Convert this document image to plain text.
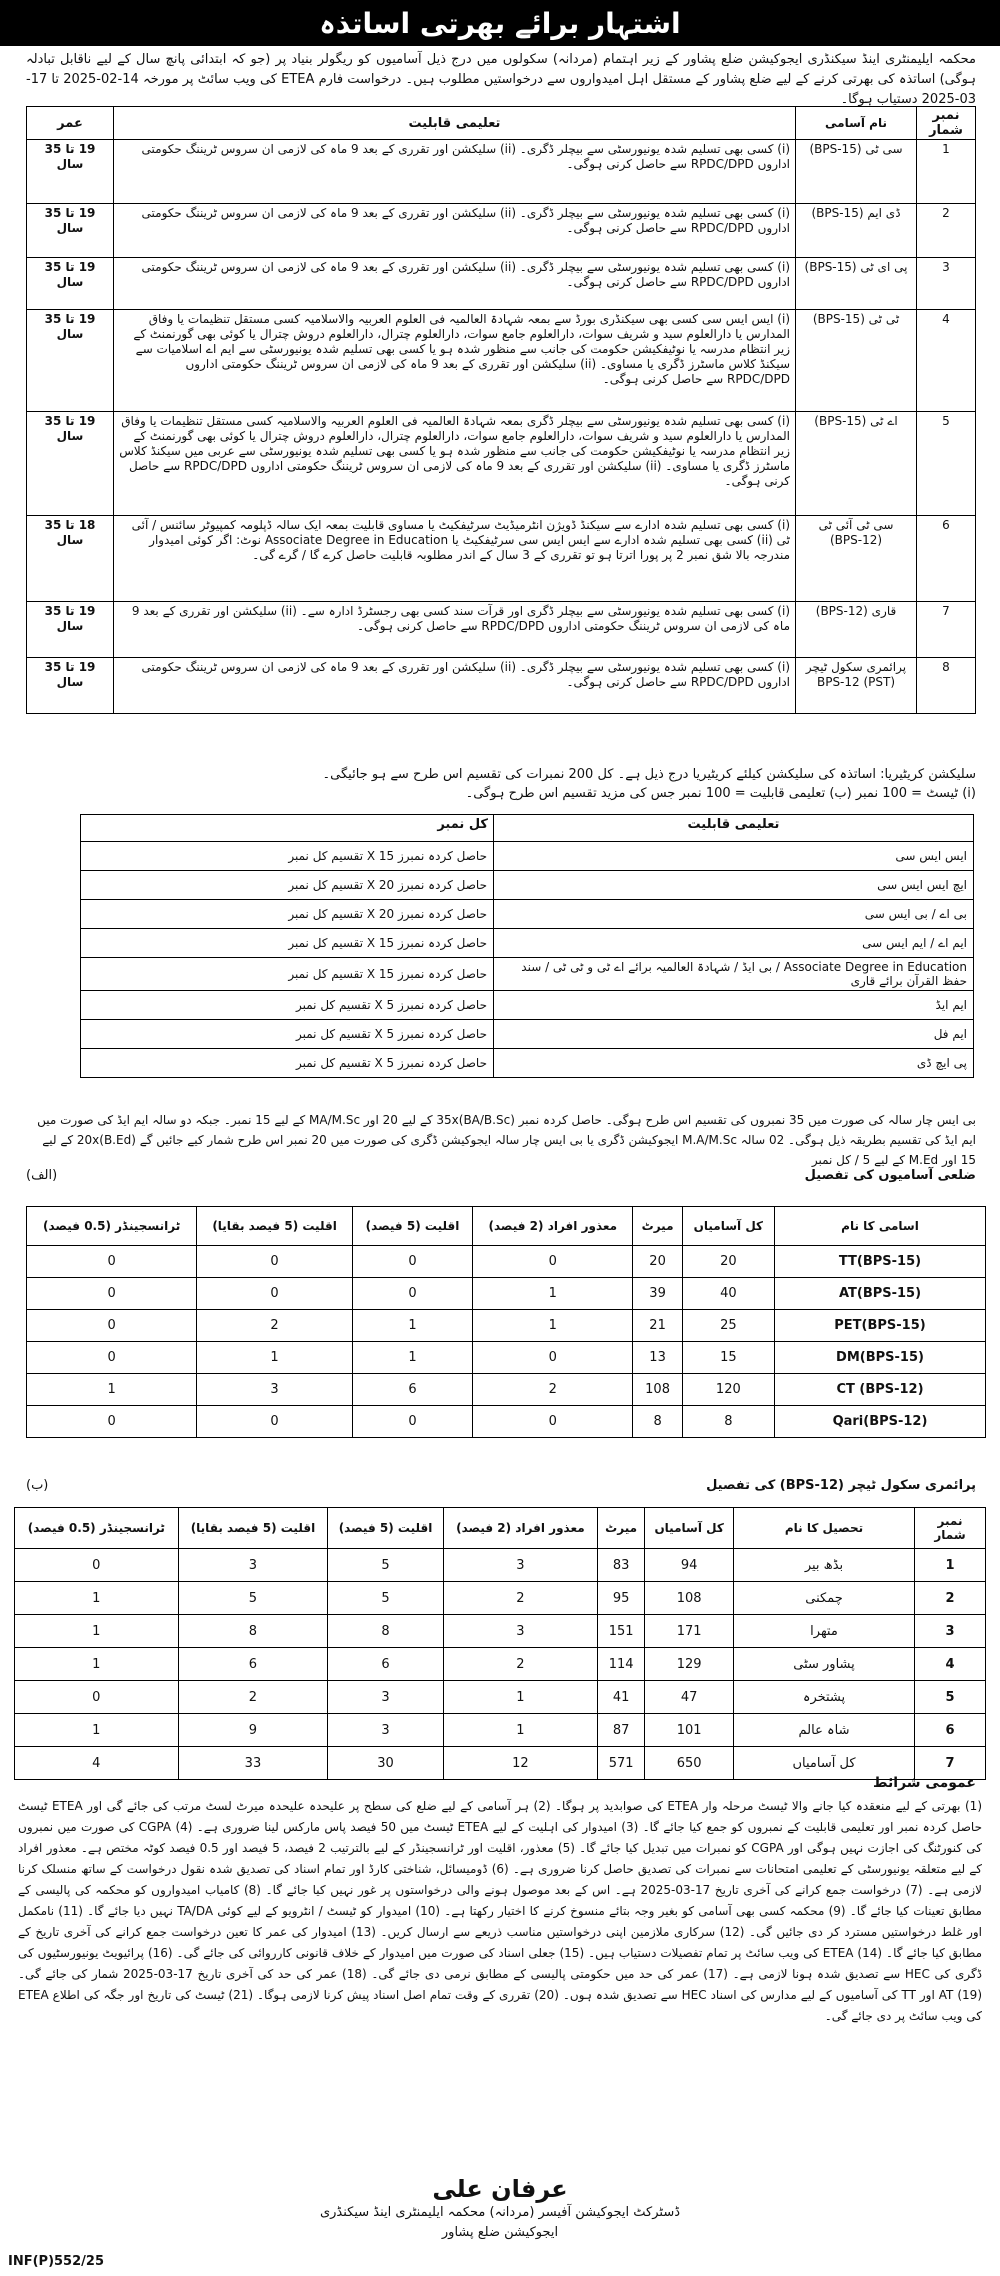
اشتہار برائے بھرتی اساتذہ
محکمہ ایلیمنٹری اینڈ سیکنڈری ایجوکیشن ضلع پشاور کے زیر اہتمام (مردانہ) سکولوں میں درج ذیل آسامیوں کو ریگولر بنیاد پر (جو کہ ابتدائی پانچ سال کے لیے ناقابل تبادلہ ہوگی) اساتذہ کی بھرتی کرنے کے لیے ضلع پشاور کے مستقل اہل امیدواروں سے درخواستیں مطلوب ہیں۔ درخواست فارم ETEA کی ویب سائٹ پر مورخہ 14-02-2025 تا 17-03-2025 دستیاب ہوگا۔
نمبر شمار	نام آسامی	تعلیمی قابلیت	عمر
1	سی ٹی (BPS-15)	(i) کسی بھی تسلیم شدہ یونیورسٹی سے بیچلر ڈگری۔ (ii) سلیکشن اور تقرری کے بعد 9 ماہ کی لازمی ان سروس ٹریننگ حکومتی اداروں RPDC/DPD سے حاصل کرنی ہوگی۔	19 تا 35 سال
2	ڈی ایم (BPS-15)	(i) کسی بھی تسلیم شدہ یونیورسٹی سے بیچلر ڈگری۔ (ii) سلیکشن اور تقرری کے بعد 9 ماہ کی لازمی ان سروس ٹریننگ حکومتی اداروں RPDC/DPD سے حاصل کرنی ہوگی۔	19 تا 35 سال
3	پی ای ٹی (BPS-15)	(i) کسی بھی تسلیم شدہ یونیورسٹی سے بیچلر ڈگری۔ (ii) سلیکشن اور تقرری کے بعد 9 ماہ کی لازمی ان سروس ٹریننگ حکومتی اداروں RPDC/DPD سے حاصل کرنی ہوگی۔	19 تا 35 سال
4	ٹی ٹی (BPS-15)	(i) ایس ایس سی کسی بھی سیکنڈری بورڈ سے بمعہ شہادۃ العالمیہ فی العلوم العربیہ والاسلامیہ کسی مستقل تنظیمات یا وفاق المدارس یا دارالعلوم سید و شریف سوات، دارالعلوم جامع سوات، دارالعلوم چترال، دارالعلوم دروش چترال یا کوئی بھی گورنمنٹ کے زیر انتظام مدرسہ یا نوٹیفکیشن حکومت کی جانب سے منظور شدہ ہو یا کسی بھی تسلیم شدہ یونیورسٹی سے ایم اے اسلامیات سے سیکنڈ کلاس ماسٹرز ڈگری یا مساوی۔ (ii) سلیکشن اور تقرری کے بعد 9 ماہ کی لازمی ان سروس ٹریننگ حکومتی اداروں RPDC/DPD سے حاصل کرنی ہوگی۔	19 تا 35 سال
5	اے ٹی (BPS-15)	(i) کسی بھی تسلیم شدہ یونیورسٹی سے بیچلر ڈگری بمعہ شہادۃ العالمیہ فی العلوم العربیہ والاسلامیہ کسی مستقل تنظیمات یا وفاق المدارس یا دارالعلوم سید و شریف سوات، دارالعلوم جامع سوات، دارالعلوم چترال، دارالعلوم دروش چترال یا کوئی بھی گورنمنٹ کے زیر انتظام مدرسہ یا نوٹیفکیشن حکومت کی جانب سے منظور شدہ ہو یا کسی بھی تسلیم شدہ یونیورسٹی سے عربی میں سیکنڈ کلاس ماسٹرز ڈگری یا مساوی۔ (ii) سلیکشن اور تقرری کے بعد 9 ماہ کی لازمی ان سروس ٹریننگ حکومتی اداروں RPDC/DPD سے حاصل کرنی ہوگی۔	19 تا 35 سال
6	سی ٹی آئی ٹی (BPS-12)	(i) کسی بھی تسلیم شدہ ادارے سے سیکنڈ ڈویژن انٹرمیڈیٹ سرٹیفکیٹ یا مساوی قابلیت بمعہ ایک سالہ ڈپلومہ کمپیوٹر سائنس / آئی ٹی (ii) کسی بھی تسلیم شدہ ادارے سے ایس ایس سی سرٹیفکیٹ یا Associate Degree in Education نوٹ: اگر کوئی امیدوار مندرجہ بالا شق نمبر 2 پر پورا اترتا ہو تو تقرری کے 3 سال کے اندر مطلوبہ قابلیت حاصل کرے گا / گرے گی۔	18 تا 35 سال
7	قاری (BPS-12)	(i) کسی بھی تسلیم شدہ یونیورسٹی سے بیچلر ڈگری اور قرآت سند کسی بھی رجسٹرڈ ادارہ سے۔ (ii) سلیکشن اور تقرری کے بعد 9 ماہ کی لازمی ان سروس ٹریننگ حکومتی اداروں RPDC/DPD سے حاصل کرنی ہوگی۔	19 تا 35 سال
8	پرائمری سکول ٹیچر (PST) BPS-12	(i) کسی بھی تسلیم شدہ یونیورسٹی سے بیچلر ڈگری۔ (ii) سلیکشن اور تقرری کے بعد 9 ماہ کی لازمی ان سروس ٹریننگ حکومتی اداروں RPDC/DPD سے حاصل کرنی ہوگی۔	19 تا 35 سال
سلیکشن کریٹیریا: اساتذہ کی سلیکشن کیلئے کریٹیریا درج ذیل ہے۔ کل 200 نمبرات کی تقسیم اس طرح سے ہو جائیگی۔
(i) ٹیسٹ = 100 نمبر (ب) تعلیمی قابلیت = 100 نمبر جس کی مزید تقسیم اس طرح ہوگی۔
تعلیمی قابلیت	کل نمبر
ایس ایس سی	حاصل کردہ نمبرز X 15 تقسیم کل نمبر
ایچ ایس ایس سی	حاصل کردہ نمبرز X 20 تقسیم کل نمبر
بی اے / بی ایس سی	حاصل کردہ نمبرز X 20 تقسیم کل نمبر
ایم اے / ایم ایس سی	حاصل کردہ نمبرز X 15 تقسیم کل نمبر
Associate Degree in Education / بی ایڈ / شہادۃ العالمیہ برائے اے ٹی و ٹی ٹی / سند حفظ القرآن برائے قاری	حاصل کردہ نمبرز X 15 تقسیم کل نمبر
ایم ایڈ	حاصل کردہ نمبرز X 5 تقسیم کل نمبر
ایم فل	حاصل کردہ نمبرز X 5 تقسیم کل نمبر
پی ایچ ڈی	حاصل کردہ نمبرز X 5 تقسیم کل نمبر
بی ایس چار سالہ کی صورت میں 35 نمبروں کی تقسیم اس طرح ہوگی۔ حاصل کردہ نمبر 35x(BA/B.Sc) کے لیے 20 اور MA/M.Sc کے لیے 15 نمبر۔ جبکہ دو سالہ ایم ایڈ کی صورت میں ایم ایڈ کی تقسیم بطریقہ ذیل ہوگی۔ 02 سالہ M.A/M.Sc ایجوکیشن ڈگری یا بی ایس چار سالہ ایجوکیشن ڈگری کی صورت میں 20 نمبر اس طرح شمار کیے جائیں گے 20x(B.Ed) کے لیے 15 اور M.Ed کے لیے 5 / کل نمبر
ضلعی آسامیوں کی تفصیل
(الف)
اسامی کا نام	کل آسامیاں	میرٹ	معذور افراد (2 فیصد)	اقلیت (5 فیصد)	اقلیت (5 فیصد بقایا)	ٹرانسجینڈر (0.5 فیصد)
TT(BPS-15)	20	20	0	0	0	0
AT(BPS-15)	40	39	1	0	0	0
PET(BPS-15)	25	21	1	1	2	0
DM(BPS-15)	15	13	0	1	1	0
CT (BPS-12)	120	108	2	6	3	1
Qari(BPS-12)	8	8	0	0	0	0
پرائمری سکول ٹیچر (BPS-12) کی تفصیل
(ب)
نمبر شمار	تحصیل کا نام	کل آسامیاں	میرٹ	معذور افراد (2 فیصد)	اقلیت (5 فیصد)	اقلیت (5 فیصد بقایا)	ٹرانسجینڈر (0.5 فیصد)
1	بڈھ بیر	94	83	3	5	3	0
2	چمکنی	108	95	2	5	5	1
3	متھرا	171	151	3	8	8	1
4	پشاور سٹی	129	114	2	6	6	1
5	پشتخرہ	47	41	1	3	2	0
6	شاہ عالم	101	87	1	3	9	1
7	کل آسامیاں	650	571	12	30	33	4
عمومی شرائط
(1) بھرتی کے لیے منعقدہ کیا جانے والا ٹیسٹ مرحلہ وار ETEA کی صوابدید پر ہوگا۔ (2) ہر آسامی کے لیے ضلع کی سطح پر علیحدہ علیحدہ میرٹ لسٹ مرتب کی جائے گی اور ETEA ٹیسٹ حاصل کردہ نمبر اور تعلیمی قابلیت کے نمبروں کو جمع کیا جائے گا۔ (3) امیدوار کی اہلیت کے لیے ETEA ٹیسٹ میں 50 فیصد پاس مارکس لینا ضروری ہے۔ (4) CGPA کی صورت میں نمبروں کی کنورٹنگ کی اجازت نہیں ہوگی اور CGPA کو نمبرات میں تبدیل کیا جائے گا۔ (5) معذور، اقلیت اور ٹرانسجینڈر کے لیے بالترتیب 2 فیصد، 5 فیصد اور 0.5 فیصد کوٹہ مختص ہے۔ معذور افراد کے لیے متعلقہ یونیورسٹی کے تعلیمی امتحانات سے نمبرات کی تصدیق حاصل کرنا ضروری ہے۔ (6) ڈومیسائل، شناختی کارڈ اور تمام اسناد کی تصدیق شدہ نقول درخواست کے ساتھ منسلک کرنا لازمی ہے۔ (7) درخواست جمع کرانے کی آخری تاریخ 17-03-2025 ہے۔ اس کے بعد موصول ہونے والی درخواستوں پر غور نہیں کیا جائے گا۔ (8) کامیاب امیدواروں کو محکمہ کی پالیسی کے مطابق تعینات کیا جائے گا۔ (9) محکمہ کسی بھی آسامی کو بغیر وجہ بتائے منسوخ کرنے کا اختیار رکھتا ہے۔ (10) امیدوار کو ٹیسٹ / انٹرویو کے لیے کوئی TA/DA نہیں دیا جائے گا۔ (11) نامکمل اور غلط درخواستیں مسترد کر دی جائیں گی۔ (12) سرکاری ملازمین اپنی درخواستیں مناسب ذریعے سے ارسال کریں۔ (13) امیدوار کی عمر کا تعین درخواست جمع کرانے کی آخری تاریخ کے مطابق کیا جائے گا۔ (14) ETEA کی ویب سائٹ پر تمام تفصیلات دستیاب ہیں۔ (15) جعلی اسناد کی صورت میں امیدوار کے خلاف قانونی کارروائی کی جائے گی۔ (16) پرائیویٹ یونیورسٹیوں کی ڈگری کی HEC سے تصدیق شدہ ہونا لازمی ہے۔ (17) عمر کی حد میں حکومتی پالیسی کے مطابق نرمی دی جائے گی۔ (18) عمر کی حد کی آخری تاریخ 17-03-2025 شمار کی جائے گی۔ (19) AT اور TT کی آسامیوں کے لیے مدارس کی اسناد HEC سے تصدیق شدہ ہوں۔ (20) تقرری کے وقت تمام اصل اسناد پیش کرنا لازمی ہوگا۔ (21) ٹیسٹ کی تاریخ اور جگہ کی اطلاع ETEA کی ویب سائٹ پر دی جائے گی۔
عرفان علی
ڈسٹرکٹ ایجوکیشن آفیسر (مردانہ) محکمہ ایلیمنٹری اینڈ سیکنڈری ایجوکیشن ضلع پشاور
INF(P)552/25
